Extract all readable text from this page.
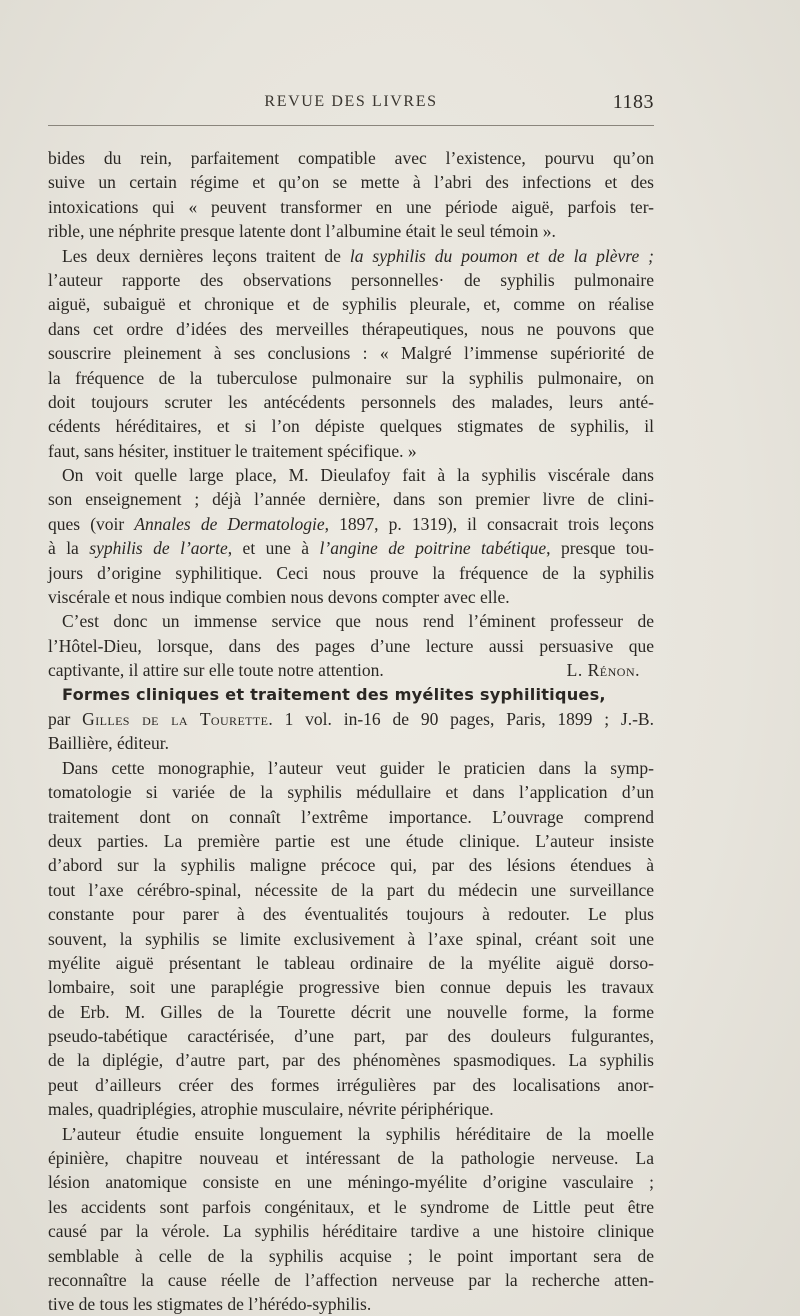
REVUE DES LIVRES	1183
bides du rein, parfaitement compatible avec l’existence, pourvu qu’on
suive un certain régime et qu’on se mette à l’abri des infections et des
intoxications qui « peuvent transformer en une période aiguë, parfois ter-
rible, une néphrite presque latente dont l’albumine était le seul témoin ».
Les deux dernières leçons traitent de la syphilis du poumon et de la plèvre ;
l’auteur rapporte des observations personnelles· de syphilis pulmonaire
aiguë, subaiguë et chronique et de syphilis pleurale, et, comme on réalise
dans cet ordre d’idées des merveilles thérapeutiques, nous ne pouvons que
souscrire pleinement à ses conclusions : « Malgré l’immense supériorité de
la fréquence de la tuberculose pulmonaire sur la syphilis pulmonaire, on
doit toujours scruter les antécédents personnels des malades, leurs anté-
cédents héréditaires, et si l’on dépiste quelques stigmates de syphilis, il
faut, sans hésiter, instituer le traitement spécifique. »
On voit quelle large place, M. Dieulafoy fait à la syphilis viscérale dans
son enseignement ; déjà l’année dernière, dans son premier livre de clini-
ques (voir Annales de Dermatologie, 1897, p. 1319), il consacrait trois leçons
à la syphilis de l’aorte, et une à l’angine de poitrine tabétique, presque tou-
jours d’origine syphilitique. Ceci nous prouve la fréquence de la syphilis
viscérale et nous indique combien nous devons compter avec elle.
C’est donc un immense service que nous rend l’éminent professeur de
l’Hôtel-Dieu, lorsque, dans des pages d’une lecture aussi persuasive que
captivante, il attire sur elle toute notre attention.	L. Rénon.
Formes cliniques et traitement des myélites syphilitiques,
par Gilles de la Tourette. 1 vol. in-16 de 90 pages, Paris, 1899 ; J.-B.
Baillière, éditeur.
Dans cette monographie, l’auteur veut guider le praticien dans la symp-
tomatologie si variée de la syphilis médullaire et dans l’application d’un
traitement dont on connaît l’extrême importance. L’ouvrage comprend
deux parties. La première partie est une étude clinique. L’auteur insiste
d’abord sur la syphilis maligne précoce qui, par des lésions étendues à
tout l’axe cérébro-spinal, nécessite de la part du médecin une surveillance
constante pour parer à des éventualités toujours à redouter. Le plus
souvent, la syphilis se limite exclusivement à l’axe spinal, créant soit une
myélite aiguë présentant le tableau ordinaire de la myélite aiguë dorso-
lombaire, soit une paraplégie progressive bien connue depuis les travaux
de Erb. M. Gilles de la Tourette décrit une nouvelle forme, la forme
pseudo-tabétique caractérisée, d’une part, par des douleurs fulgurantes,
de la diplégie, d’autre part, par des phénomènes spasmodiques. La syphilis
peut d’ailleurs créer des formes irrégulières par des localisations anor-
males, quadriplégies, atrophie musculaire, névrite périphérique.
L’auteur étudie ensuite longuement la syphilis héréditaire de la moelle
épinière, chapitre nouveau et intéressant de la pathologie nerveuse. La
lésion anatomique consiste en une méningo-myélite d’origine vasculaire ;
les accidents sont parfois congénitaux, et le syndrome de Little peut être
causé par la vérole. La syphilis héréditaire tardive a une histoire clinique
semblable à celle de la syphilis acquise ; le point important sera de
reconnaître la cause réelle de l’affection nerveuse par la recherche atten-
tive de tous les stigmates de l’hérédo-syphilis.
